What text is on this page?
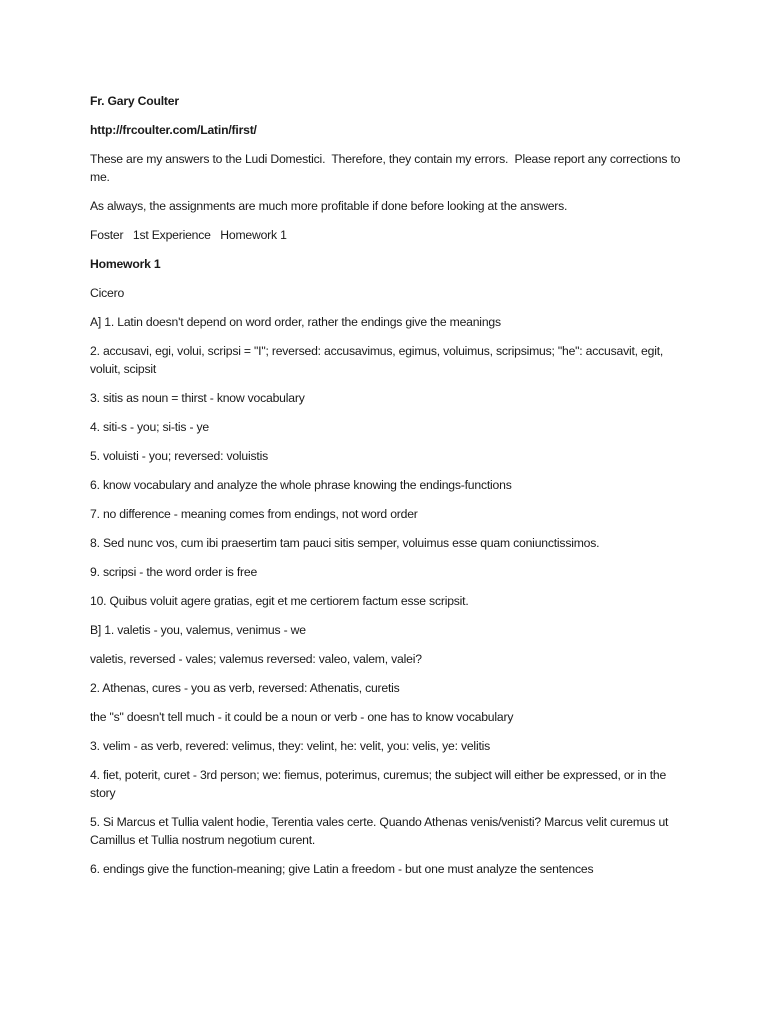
Fr. Gary Coulter

http://frcoulter.com/Latin/first/

These are my answers to the Ludi Domestici.  Therefore, they contain my errors.  Please report any corrections to me.

As always, the assignments are much more profitable if done before looking at the answers.

Foster   1st Experience   Homework 1

Homework 1

Cicero

A] 1. Latin doesn't depend on word order, rather the endings give the meanings

2. accusavi, egi, volui, scripsi = "I"; reversed: accusavimus, egimus, voluimus, scripsimus; "he": accusavit, egit, voluit, scipsit

3. sitis as noun = thirst - know vocabulary

4. siti-s - you; si-tis - ye

5. voluisti - you; reversed: voluistis

6. know vocabulary and analyze the whole phrase knowing the endings-functions

7. no difference - meaning comes from endings, not word order

8. Sed nunc vos, cum ibi praesertim tam pauci sitis semper, voluimus esse quam coniunctissimos.

9. scripsi - the word order is free

10. Quibus voluit agere gratias, egit et me certiorem factum esse scripsit.

B] 1. valetis - you, valemus, venimus - we

valetis, reversed - vales; valemus reversed: valeo, valem, valei?

2. Athenas, cures - you as verb, reversed: Athenatis, curetis

the "s" doesn't tell much - it could be a noun or verb - one has to know vocabulary

3. velim - as verb, revered: velimus, they: velint, he: velit, you: velis, ye: velitis

4. fiet, poterit, curet - 3rd person; we: fiemus, poterimus, curemus; the subject will either be expressed, or in the story

5. Si Marcus et Tullia valent hodie, Terentia vales certe. Quando Athenas venis/venisti? Marcus velit curemus ut Camillus et Tullia nostrum negotium curent.

6. endings give the function-meaning; give Latin a freedom - but one must analyze the sentences
